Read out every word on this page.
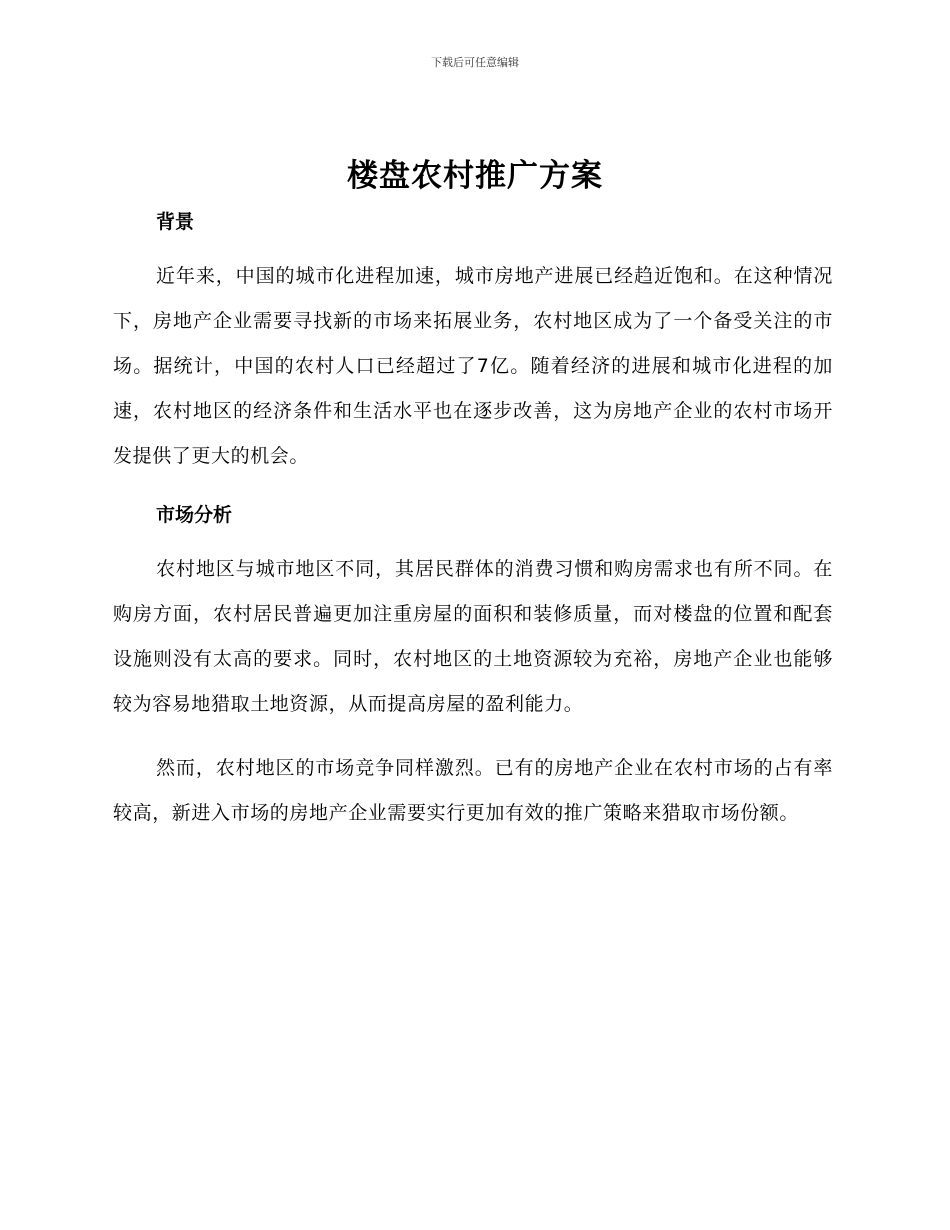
下载后可任意编辑
楼盘农村推广方案
背景

近年来，中国的城市化进程加速，城市房地产进展已经趋近饱和。在这种情况下，房地产企业需要寻找新的市场来拓展业务，农村地区成为了一个备受关注的市场。据统计，中国的农村人口已经超过了7亿。随着经济的进展和城市化进程的加速，农村地区的经济条件和生活水平也在逐步改善，这为房地产企业的农村市场开发提供了更大的机会。

市场分析

农村地区与城市地区不同，其居民群体的消费习惯和购房需求也有所不同。在购房方面，农村居民普遍更加注重房屋的面积和装修质量，而对楼盘的位置和配套设施则没有太高的要求。同时，农村地区的土地资源较为充裕，房地产企业也能够较为容易地猎取土地资源，从而提高房屋的盈利能力。

然而，农村地区的市场竞争同样激烈。已有的房地产企业在农村市场的占有率较高，新进入市场的房地产企业需要实行更加有效的推广策略来猎取市场份额。
